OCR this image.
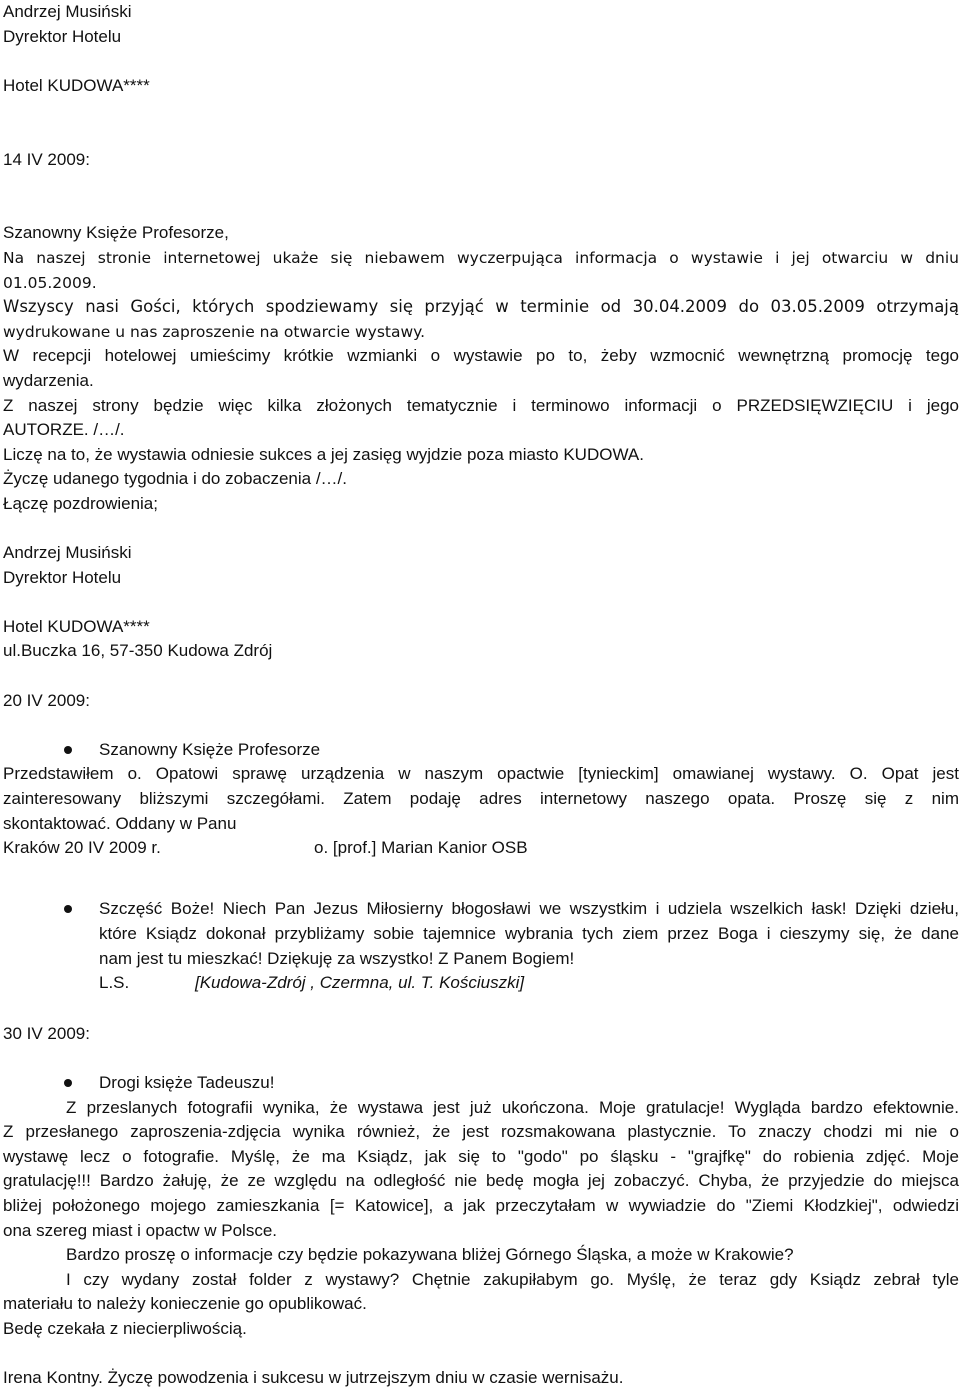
Andrzej Musiński
Dyrektor Hotelu
Hotel KUDOWA****
14 IV 2009:
Szanowny Księże Profesorze,
Na naszej stronie internetowej ukaże się niebawem wyczerpująca informacja o wystawie i jej otwarciu w dniu
01.05.2009.
Wszyscy nasi Gości, których spodziewamy się przyjąć w terminie od 30.04.2009 do 03.05.2009 otrzymają
wydrukowane u nas zaproszenie na otwarcie wystawy.
W recepcji hotelowej umieścimy krótkie wzmianki o wystawie po to, żeby wzmocnić wewnętrzną promocję tego
wydarzenia.
Z naszej strony będzie więc kilka złożonych tematycznie i terminowo informacji o PRZEDSIĘWZIĘCIU i jego
AUTORZE. /…/.
Liczę na to, że wystawia odniesie sukces a jej zasięg wyjdzie poza miasto KUDOWA.
Życzę udanego tygodnia i do zobaczenia /…/.
Łączę pozdrowienia;
Andrzej Musiński
Dyrektor Hotelu
Hotel KUDOWA****
ul.Buczka 16, 57-350 Kudowa Zdrój
20 IV 2009:
Szanowny Księże Profesorze
Przedstawiłem o. Opatowi sprawę urządzenia w naszym opactwie [tynieckim] omawianej wystawy. O. Opat jest
zainteresowany bliższymi szczegółami. Zatem podaję adres internetowy naszego opata. Proszę się z nim
skontaktować. Oddany w Panu
Kraków 20 IV 2009 r.	o. [prof.] Marian Kanior OSB
Szczęść Boże! Niech Pan Jezus Miłosierny błogosławi we wszystkim i udziela wszelkich łask! Dzięki dziełu,
które Ksiądz dokonał przybliżamy sobie tajemnice wybrania tych ziem przez Boga i cieszymy się, że dane
nam jest tu mieszkać! Dziękuję za wszystko! Z Panem Bogiem!
L.S.	[Kudowa-Zdrój , Czermna, ul. T. Kościuszki]
30 IV 2009:
Drogi księże Tadeuszu!
Z przeslanych fotografii wynika, że wystawa jest już ukończona. Moje gratulacje! Wygląda bardzo efektownie.
Z przesłanego zaproszenia-zdjęcia wynika również, że jest rozsmakowana plastycznie. To znaczy chodzi mi nie o
wystawę lecz o fotografie. Myślę, że ma Ksiądz, jak się to "godo" po śląsku - "grajfkę" do robienia zdjęć. Moje
gratulację!!! Bardzo żałuję, że ze względu na odległość nie bedę mogła jej zobaczyć. Chyba, że przyjedzie do miejsca
bliżej położonego mojego zamieszkania [= Katowice], a jak przeczytałam w wywiadzie do "Ziemi Kłodzkiej", odwiedzi
ona szereg miast i opactw w Polsce.
Bardzo proszę o informacje czy będzie pokazywana bliżej Górnego Śląska, a może w Krakowie?
I czy wydany został folder z wystawy? Chętnie zakupiłabym go. Myślę, że teraz gdy Ksiądz zebrał tyle
materiału to należy konieczenie go opublikować.
Bedę czekała z niecierpliwością.
Irena Kontny. Życzę powodzenia i sukcesu w jutrzejszym dniu w czasie wernisażu.
